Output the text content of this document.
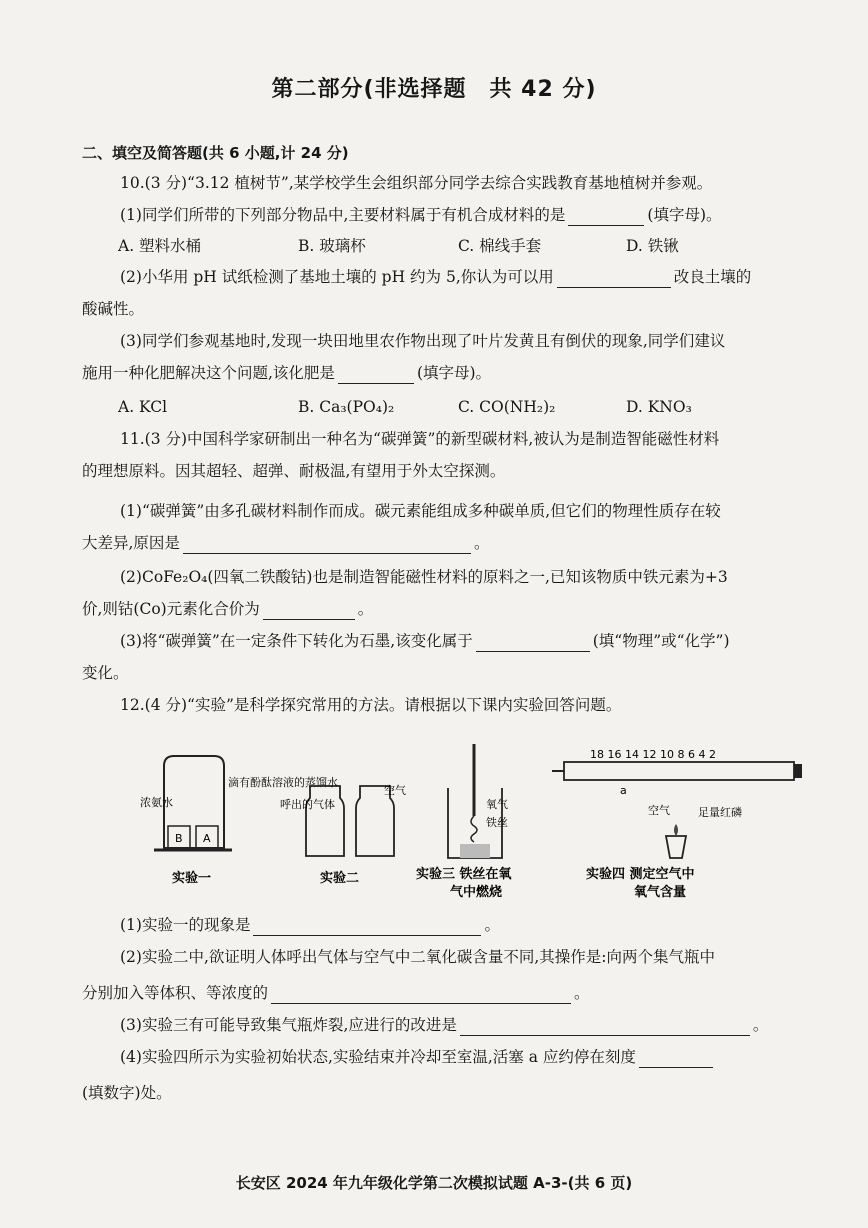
第二部分(非选择题　共 42 分)
二、填空及简答题(共 6 小题,计 24 分)
10.(3 分)“3.12 植树节”,某学校学生会组织部分同学去综合实践教育基地植树并参观。
(1)同学们所带的下列部分物品中,主要材料属于有机合成材料的是	(填字母)。
A. 塑料水桶	B. 玻璃杯	C. 棉线手套	D. 铁锹
(2)小华用 pH 试纸检测了基地土壤的 pH 约为 5,你认为可以用	改良土壤的
酸碱性。
(3)同学们参观基地时,发现一块田地里农作物出现了叶片发黄且有倒伏的现象,同学们建议
施用一种化肥解决这个问题,该化肥是	(填字母)。
A. KCl	B. Ca₃(PO₄)₂	C. CO(NH₂)₂	D. KNO₃
11.(3 分)中国科学家研制出一种名为“碳弹簧”的新型碳材料,被认为是制造智能磁性材料
的理想原料。因其超轻、超弹、耐极温,有望用于外太空探测。
(1)“碳弹簧”由多孔碳材料制作而成。碳元素能组成多种碳单质,但它们的物理性质存在较
大差异,原因是	。
(2)CoFe₂O₄(四氧二铁酸钴)也是制造智能磁性材料的原料之一,已知该物质中铁元素为+3
价,则钴(Co)元素化合价为	。
(3)将“碳弹簧”在一定条件下转化为石墨,该变化属于	(填“物理”或“化学”)
变化。
12.(4 分)“实验”是科学探究常用的方法。请根据以下课内实验回答问题。
B A
浓氨水
滴有酚酞溶液的蒸馏水
实验一
呼出的气体
空气
实验二
氧气
铁丝
实验三 铁丝在氧
气中燃烧
18 16 14 12 10 8 6 4 2
a
空气	足量红磷
实验四 测定空气中
氧气含量
(1)实验一的现象是	。
(2)实验二中,欲证明人体呼出气体与空气中二氧化碳含量不同,其操作是:向两个集气瓶中
分别加入等体积、等浓度的	。
(3)实验三有可能导致集气瓶炸裂,应进行的改进是	。
(4)实验四所示为实验初始状态,实验结束并冷却至室温,活塞 a 应约停在刻度
(填数字)处。
长安区 2024 年九年级化学第二次模拟试题 A-3-(共 6 页)
